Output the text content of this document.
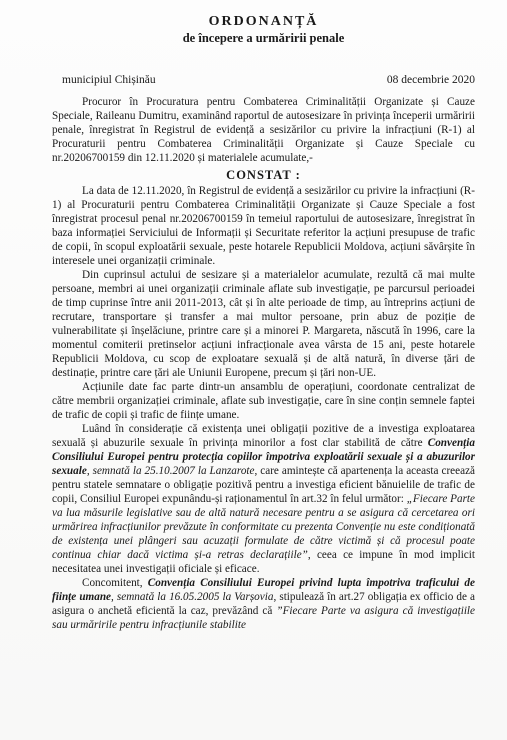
ORDONANȚĂ
de începere a urmăririi penale
municipiul Chișinău	08 decembrie 2020

Procuror în Procuratura pentru Combaterea Criminalității Organizate și Cauze Speciale, Raileanu Dumitru, examinând raportul de autosesizare în privința începerii urmăririi penale, înregistrat în Registrul de evidență a sesizărilor cu privire la infracțiuni (R-1) al Procuraturii pentru Combaterea Criminalității Organizate și Cauze Speciale cu nr.20206700159 din 12.11.2020 și materialele acumulate,-

CONSTAT :

La data de 12.11.2020, în Registrul de evidență a sesizărilor cu privire la infracțiuni (R-1) al Procuraturii pentru Combaterea Criminalității Organizate și Cauze Speciale a fost înregistrat procesul penal nr.20206700159 în temeiul raportului de autosesizare, înregistrat în baza informației Serviciului de Informații și Securitate referitor la acțiuni presupuse de trafic de copii, în scopul exploatării sexuale, peste hotarele Republicii Moldova, acțiuni săvârșite în interesele unei organizații criminale.

Din cuprinsul actului de sesizare și a materialelor acumulate, rezultă că mai multe persoane, membri ai unei organizații criminale aflate sub investigație, pe parcursul perioadei de timp cuprinse între anii 2011-2013, cât și în alte perioade de timp, au întreprins acțiuni de recrutare, transportare și transfer a mai multor persoane, prin abuz de poziție de vulnerabilitate și înșelăciune, printre care și a minorei P. Margareta, născută în 1996, care la momentul comiterii pretinselor acțiuni infracționale avea vârsta de 15 ani, peste hotarele Republicii Moldova, cu scop de exploatare sexuală și de altă natură, în diverse țări de destinație, printre care țări ale Uniunii Europene, precum și țări non-UE.

Acțiunile date fac parte dintr-un ansamblu de operațiuni, coordonate centralizat de către membrii organizației criminale, aflate sub investigație, care în sine conțin semnele faptei de trafic de copii și trafic de ființe umane.

Luând în considerație că existența unei obligații pozitive de a investiga exploatarea sexuală și abuzurile sexuale în privința minorilor a fost clar stabilită de către Convenția Consiliului Europei pentru protecția copiilor împotriva exploatării sexuale și a abuzurilor sexuale, semnată la 25.10.2007 la Lanzarote, care amintește că apartenența la aceasta creează pentru statele semnatare o obligație pozitivă pentru a investiga eficient bănuielile de trafic de copii, Consiliul Europei expunându-și raționamentul în art.32 în felul următor: „Fiecare Parte va lua măsurile legislative sau de altă natură necesare pentru a se asigura că cercetarea ori urmărirea infracțiunilor prevăzute în conformitate cu prezenta Convenție nu este condiționată de existența unei plângeri sau acuzații formulate de către victimă și că procesul poate continua chiar dacă victima și-a retras declarațiile”, ceea ce impune în mod implicit necesitatea unei investigații oficiale și eficace.

Concomitent, Convenția Consiliului Europei privind lupta împotriva traficului de ființe umane, semnată la 16.05.2005 la Varșovia, stipulează în art.27 obligația ex officio de a asigura o anchetă eficientă la caz, prevăzând că ”Fiecare Parte va asigura că investigațiile sau urmăririle pentru infracțiunile stabilite
